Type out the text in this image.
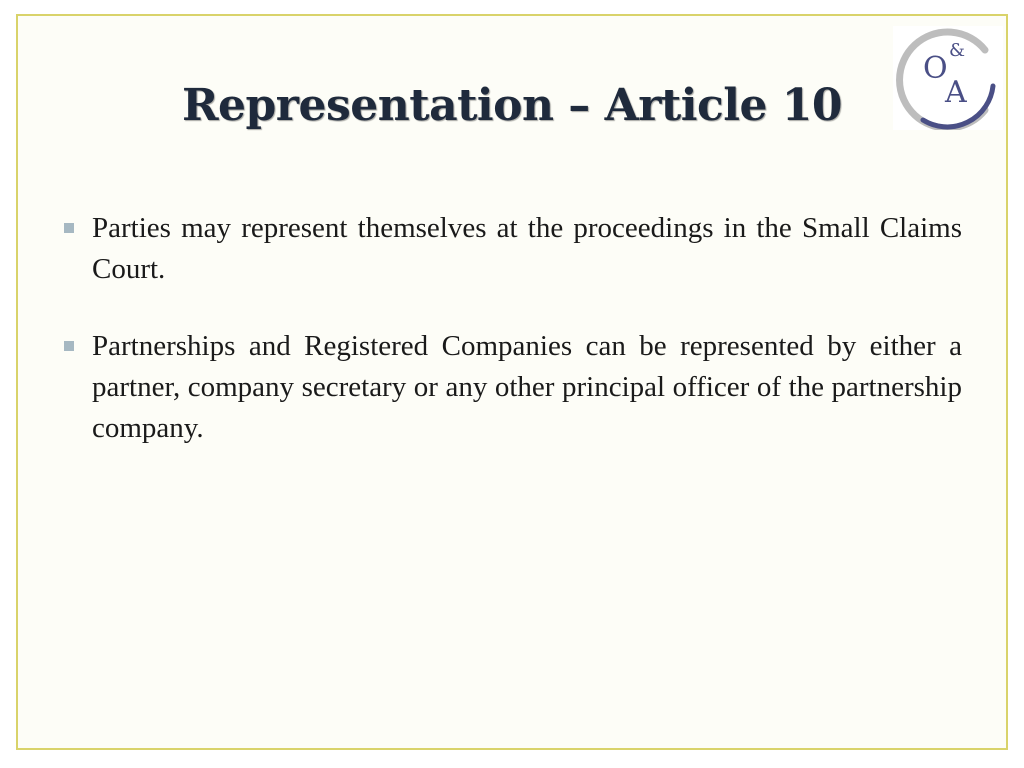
O
&
A
Representation – Article 10
Parties may represent themselves at the proceedings in the Small Claims Court.
Partnerships and Registered Companies can be represented by either a partner, company secretary or any other principal officer of the partnership company.
